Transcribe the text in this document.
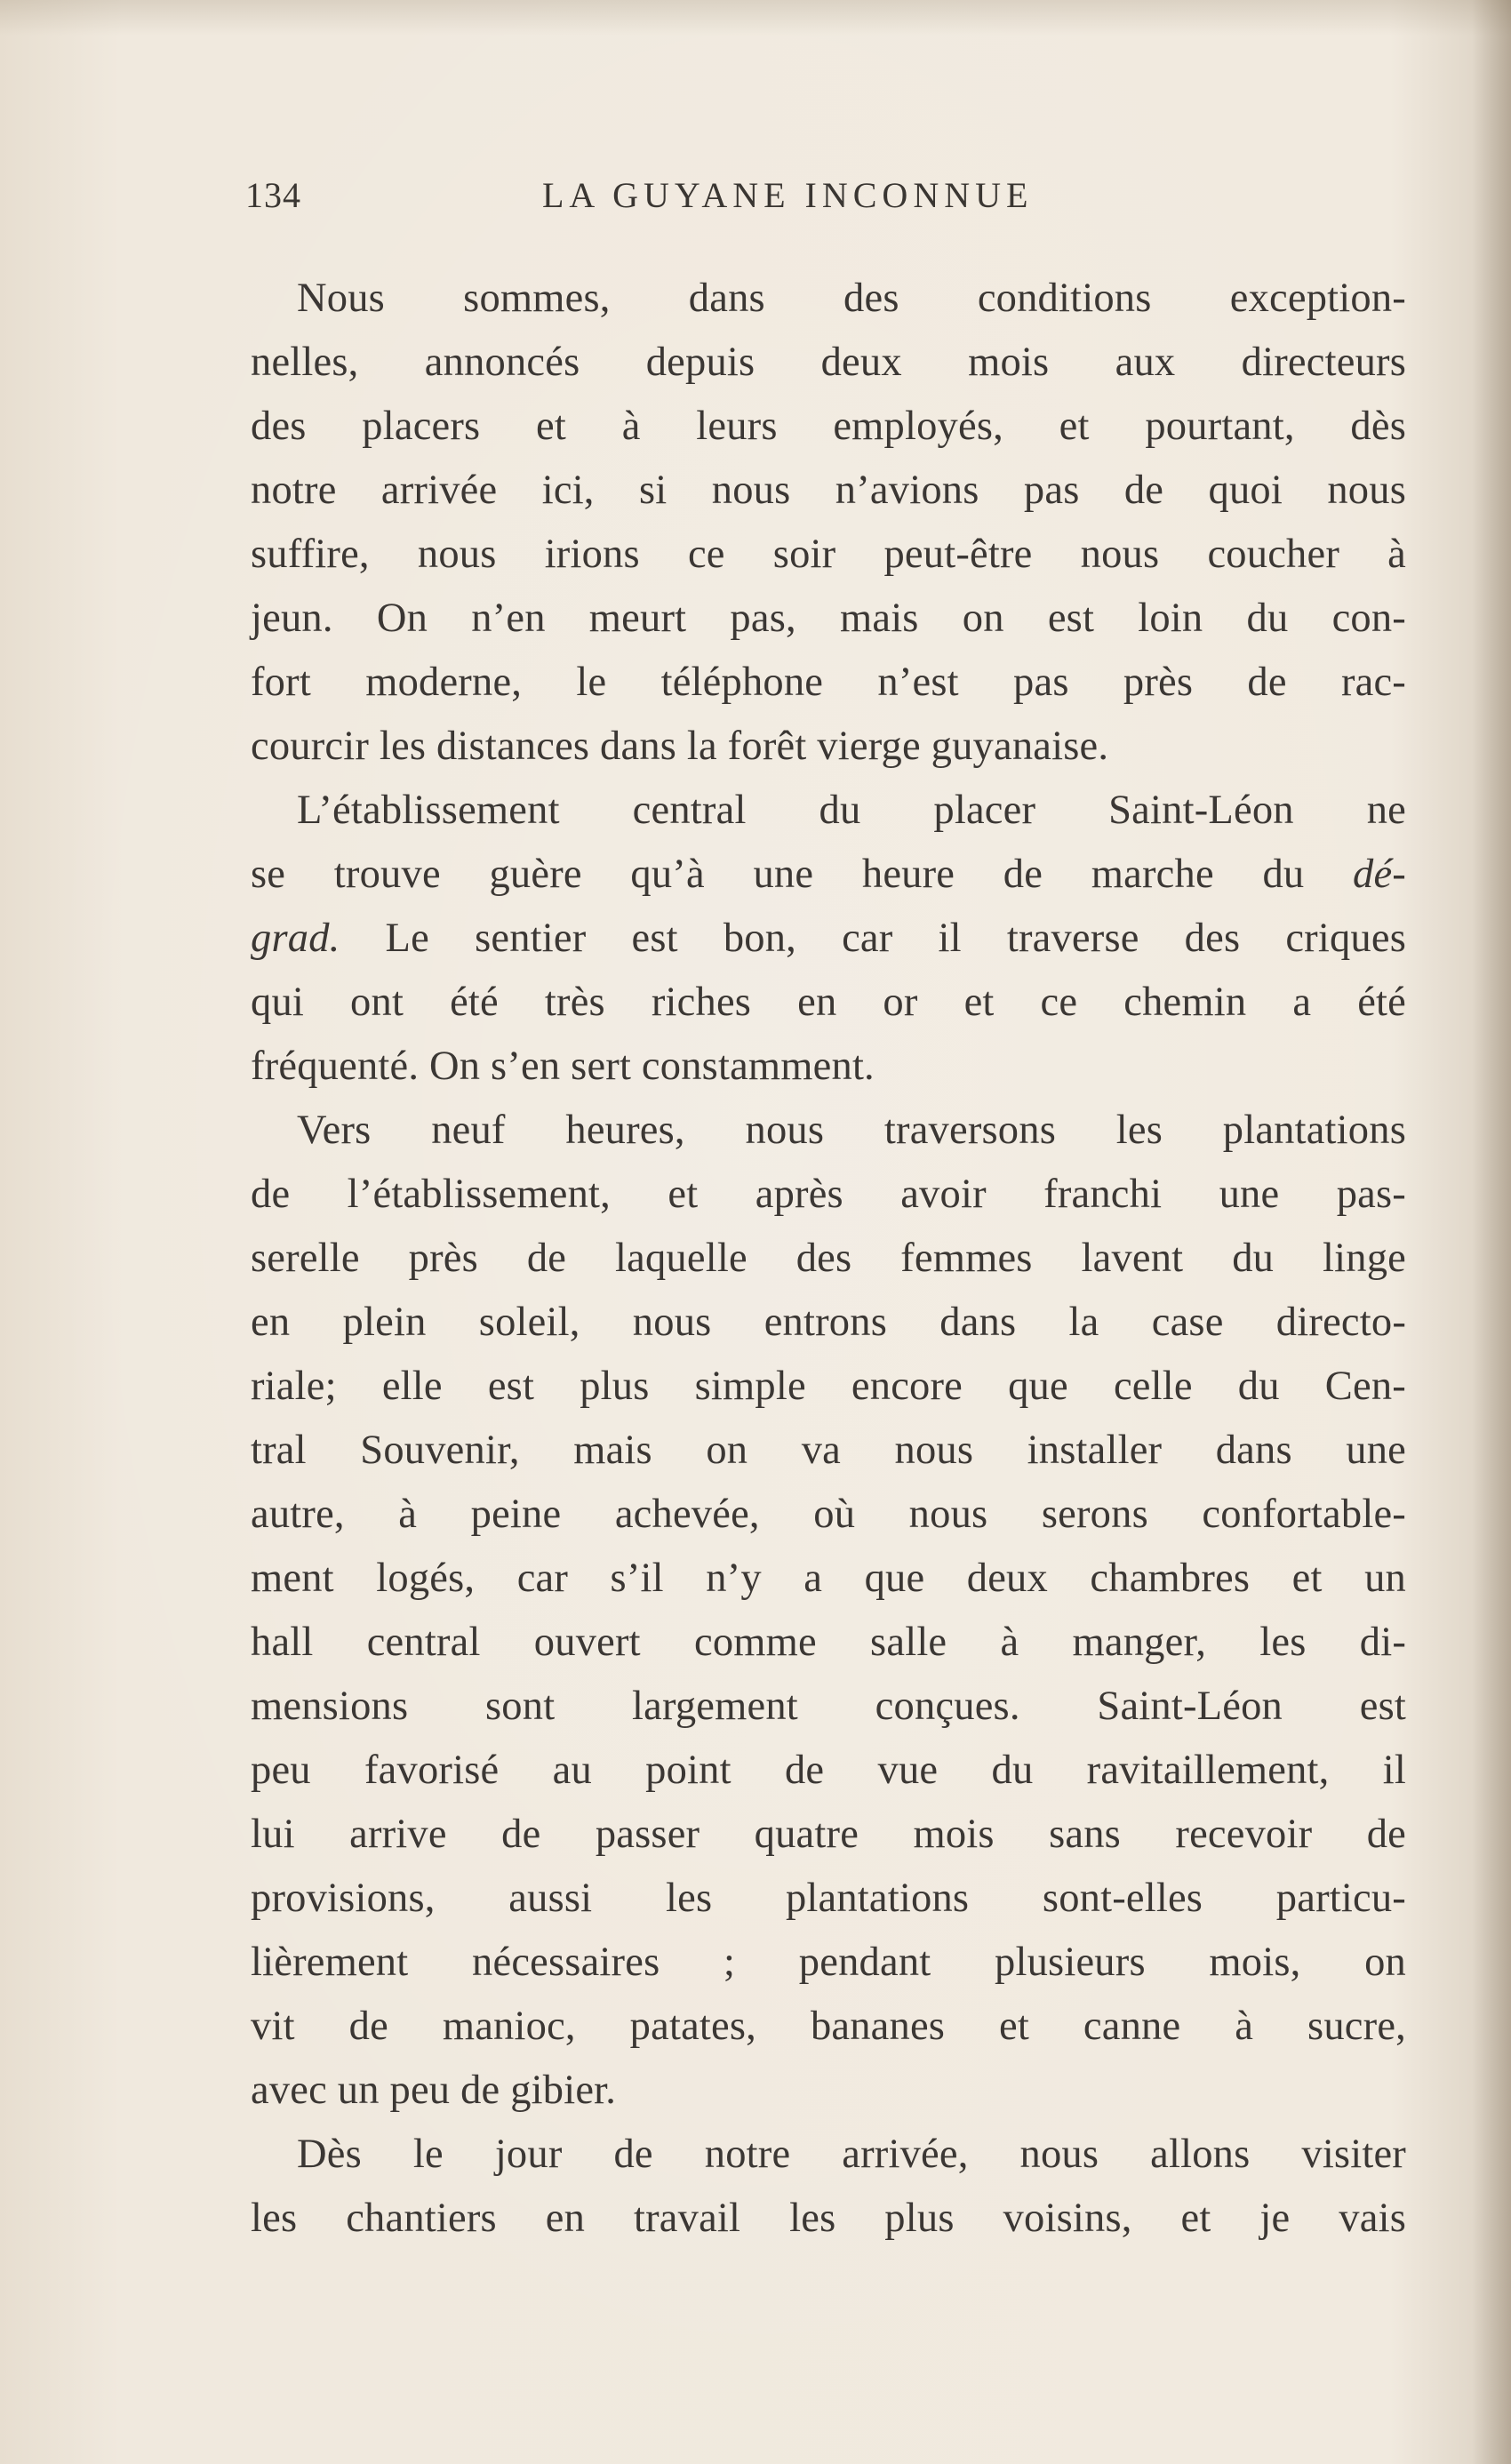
134	LA GUYANE INCONNUE
Nous sommes, dans des conditions exception-
nelles, annoncés depuis deux mois aux directeurs
des placers et à leurs employés, et pourtant, dès
notre arrivée ici, si nous n’avions pas de quoi nous
suffire, nous irions ce soir peut-être nous coucher à
jeun. On n’en meurt pas, mais on est loin du con-
fort moderne, le téléphone n’est pas près de rac-
courcir les distances dans la forêt vierge guyanaise.
L’établissement central du placer Saint-Léon ne
se trouve guère qu’à une heure de marche du dé-
grad. Le sentier est bon, car il traverse des criques
qui ont été très riches en or et ce chemin a été
fréquenté. On s’en sert constamment.
Vers neuf heures, nous traversons les plantations
de l’établissement, et après avoir franchi une pas-
serelle près de laquelle des femmes lavent du linge
en plein soleil, nous entrons dans la case directo-
riale; elle est plus simple encore que celle du Cen-
tral Souvenir, mais on va nous installer dans une
autre, à peine achevée, où nous serons confortable-
ment logés, car s’il n’y a que deux chambres et un
hall central ouvert comme salle à manger, les di-
mensions sont largement conçues. Saint-Léon est
peu favorisé au point de vue du ravitaillement, il
lui arrive de passer quatre mois sans recevoir de
provisions, aussi les plantations sont-elles particu-
lièrement nécessaires ; pendant plusieurs mois, on
vit de manioc, patates, bananes et canne à sucre,
avec un peu de gibier.
Dès le jour de notre arrivée, nous allons visiter
les chantiers en travail les plus voisins, et je vais
